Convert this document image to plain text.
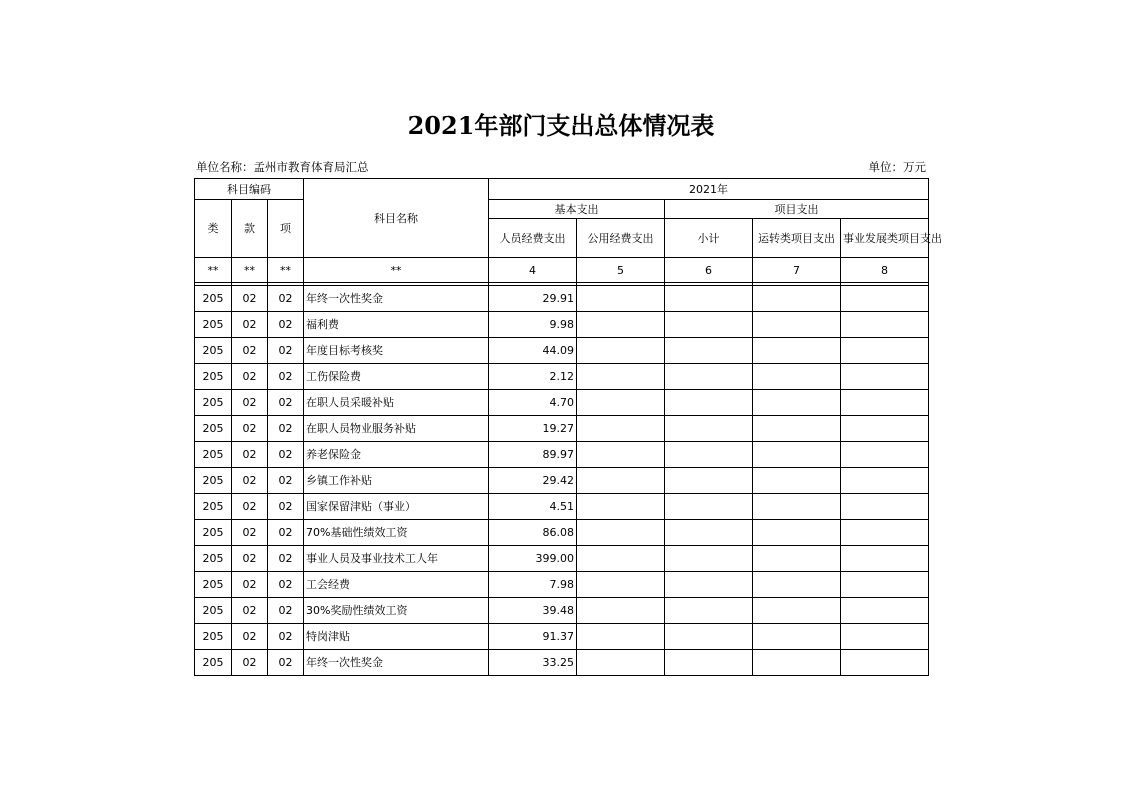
2021年部门支出总体情况表
单位名称：孟州市教育体育局汇总	单位：万元
科目编码			科目名称	2021年				
类	款	项		基本支出		项目支出		
				人员经费支出	公用经费支出	小计	运转类项目支出	事业发展类项目支出
**	**	**	**	4	5	6	7	8

205	02	02	年终一次性奖金	29.91				
205	02	02	福利费	9.98				
205	02	02	年度目标考核奖	44.09				
205	02	02	工伤保险费	2.12				
205	02	02	在职人员采暖补贴	4.70				
205	02	02	在职人员物业服务补贴	19.27				
205	02	02	养老保险金	89.97				
205	02	02	乡镇工作补贴	29.42				
205	02	02	国家保留津贴（事业）	4.51				
205	02	02	70%基础性绩效工资	86.08				
205	02	02	事业人员及事业技术工人年	399.00				
205	02	02	工会经费	7.98				
205	02	02	30%奖励性绩效工资	39.48				
205	02	02	特岗津贴	91.37				
205	02	02	年终一次性奖金	33.25				
